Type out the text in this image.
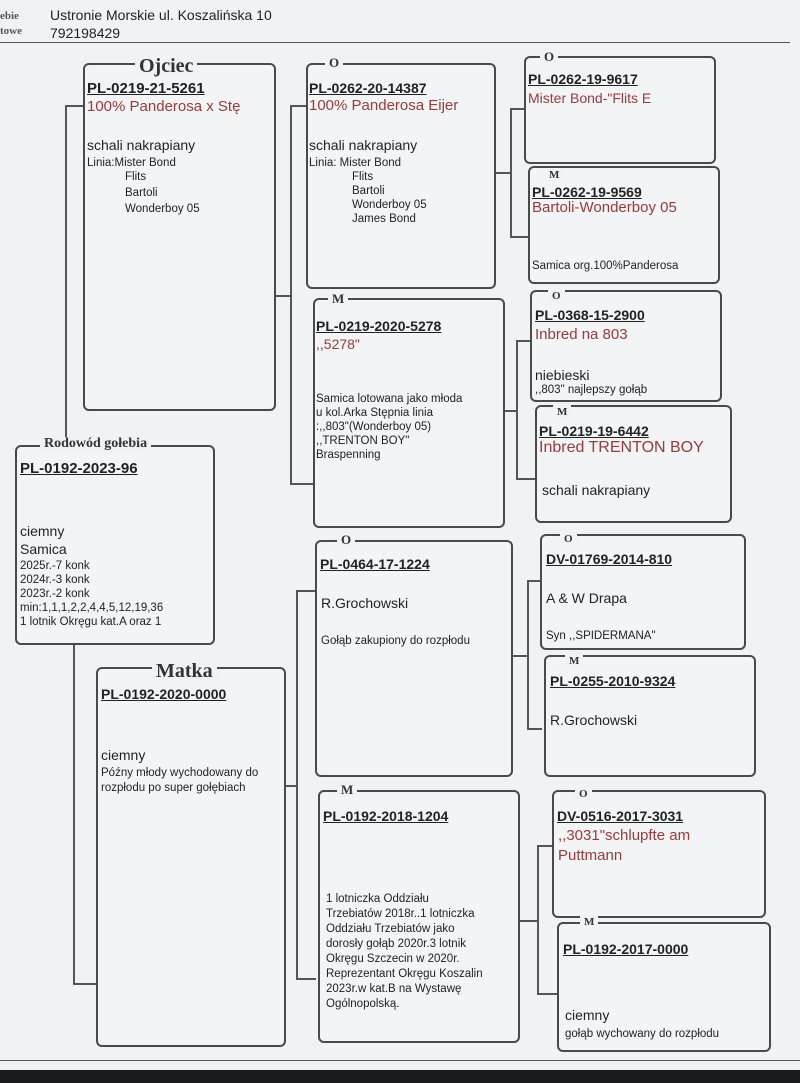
ebie
towe
Ustronie Morskie ul. Koszalińska 10
792198429
Rodowód gołebia
PL-0192-2023-96
ciemny
Samica
2025r.-7 konk
2024r.-3 konk
2023r.-2 konk
min:1,1,1,2,2,4,4,5,12,19,36
1 lotnik Okręgu kat.A oraz 1
Ojciec
PL-0219-21-5261
100% Panderosa x Stę
schali nakrapiany
Linia:Mister Bond
Flits
Bartoli
Wonderboy 05
O
PL-0262-20-14387
100% Panderosa Eijer
schali nakrapiany
Linia: Mister Bond
Flits
Bartoli
Wonderboy 05
James Bond
O
PL-0262-19-9617
Mister Bond-"Flits E
M
PL-0262-19-9569
Bartoli-Wonderboy 05
Samica org.100%Panderosa
M
PL-0219-2020-5278
,,5278"
Samica lotowana jako młoda
u kol.Arka Stępnia linia
:,,803"(Wonderboy 05)
,,TRENTON BOY"
Braspenning
O
PL-0368-15-2900
Inbred na 803
niebieski
,,803" najlepszy gołąb
M
PL-0219-19-6442
Inbred TRENTON BOY
schali nakrapiany
Matka
PL-0192-2020-0000
ciemny
Późny młody wychodowany do
rozpłodu po super gołębiach
O
PL-0464-17-1224
R.Grochowski
Gołąb zakupiony do rozpłodu
O
DV-01769-2014-810
A & W Drapa
Syn ,,SPIDERMANA"
M
PL-0255-2010-9324
R.Grochowski
M
PL-0192-2018-1204
1 lotniczka Oddziału
Trzebiatów 2018r..1 lotniczka
Oddziału Trzebiatów jako
dorosły gołąb 2020r.3 lotnik
Okręgu Szczecin w 2020r.
Reprezentant Okręgu Koszalin
2023r.w kat.B na Wystawę
Ogólnopolską.
O
DV-0516-2017-3031
,,3031"schlupfte am
Puttmann
M
PL-0192-2017-0000
ciemny
gołąb wychowany do rozpłodu
